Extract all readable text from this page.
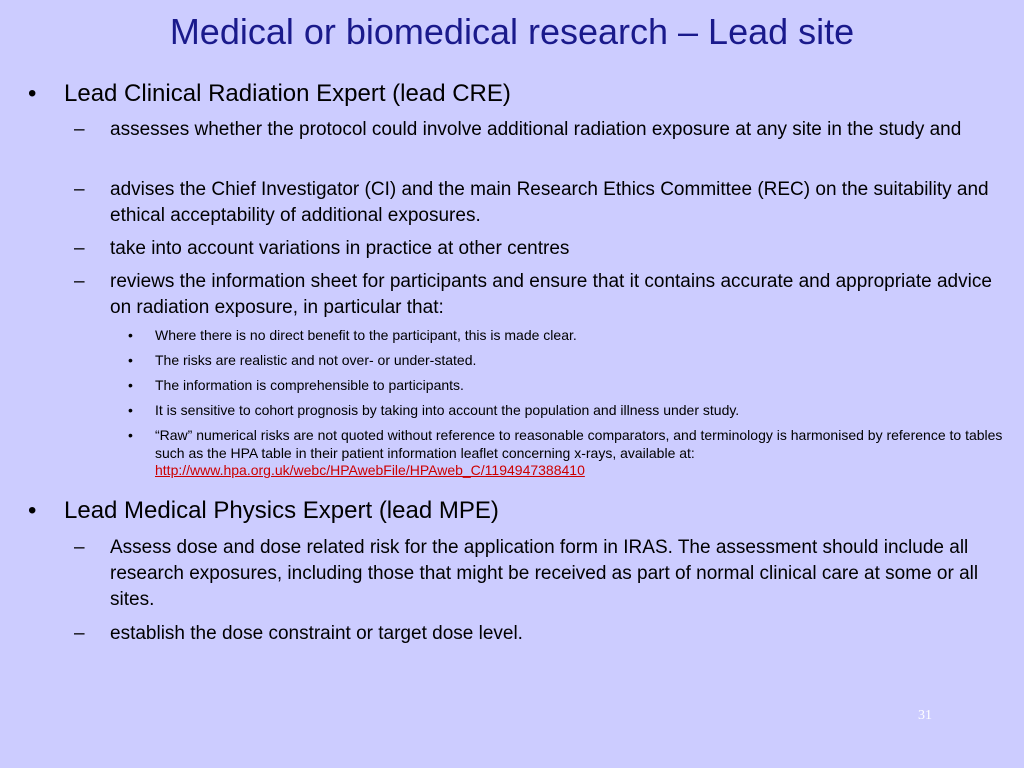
Medical or biomedical research – Lead site
• Lead Clinical Radiation Expert (lead CRE)
– assesses whether the protocol could involve additional radiation exposure at any site in the study and
– advises the Chief Investigator (CI) and the main Research Ethics Committee (REC) on the suitability and ethical acceptability of additional exposures.
– take into account variations in practice at other centres
– reviews the information sheet for participants and ensure that it contains accurate and appropriate advice on radiation exposure, in particular that:
• Where there is no direct benefit to the participant, this is made clear.
• The risks are realistic and not over- or under-stated.
• The information is comprehensible to participants.
• It is sensitive to cohort prognosis by taking into account the population and illness under study.
• “Raw” numerical risks are not quoted without reference to reasonable comparators, and terminology is harmonised by reference to tables such as the HPA table in their patient information leaflet concerning x-rays, available at:
http://www.hpa.org.uk/webc/HPAwebFile/HPAweb_C/1194947388410
• Lead Medical Physics Expert (lead MPE)
– Assess dose and dose related risk for the application form in IRAS. The assessment should include all research exposures, including those that might be received as part of normal clinical care at some or all sites.
– establish the dose constraint or target dose level.
31
